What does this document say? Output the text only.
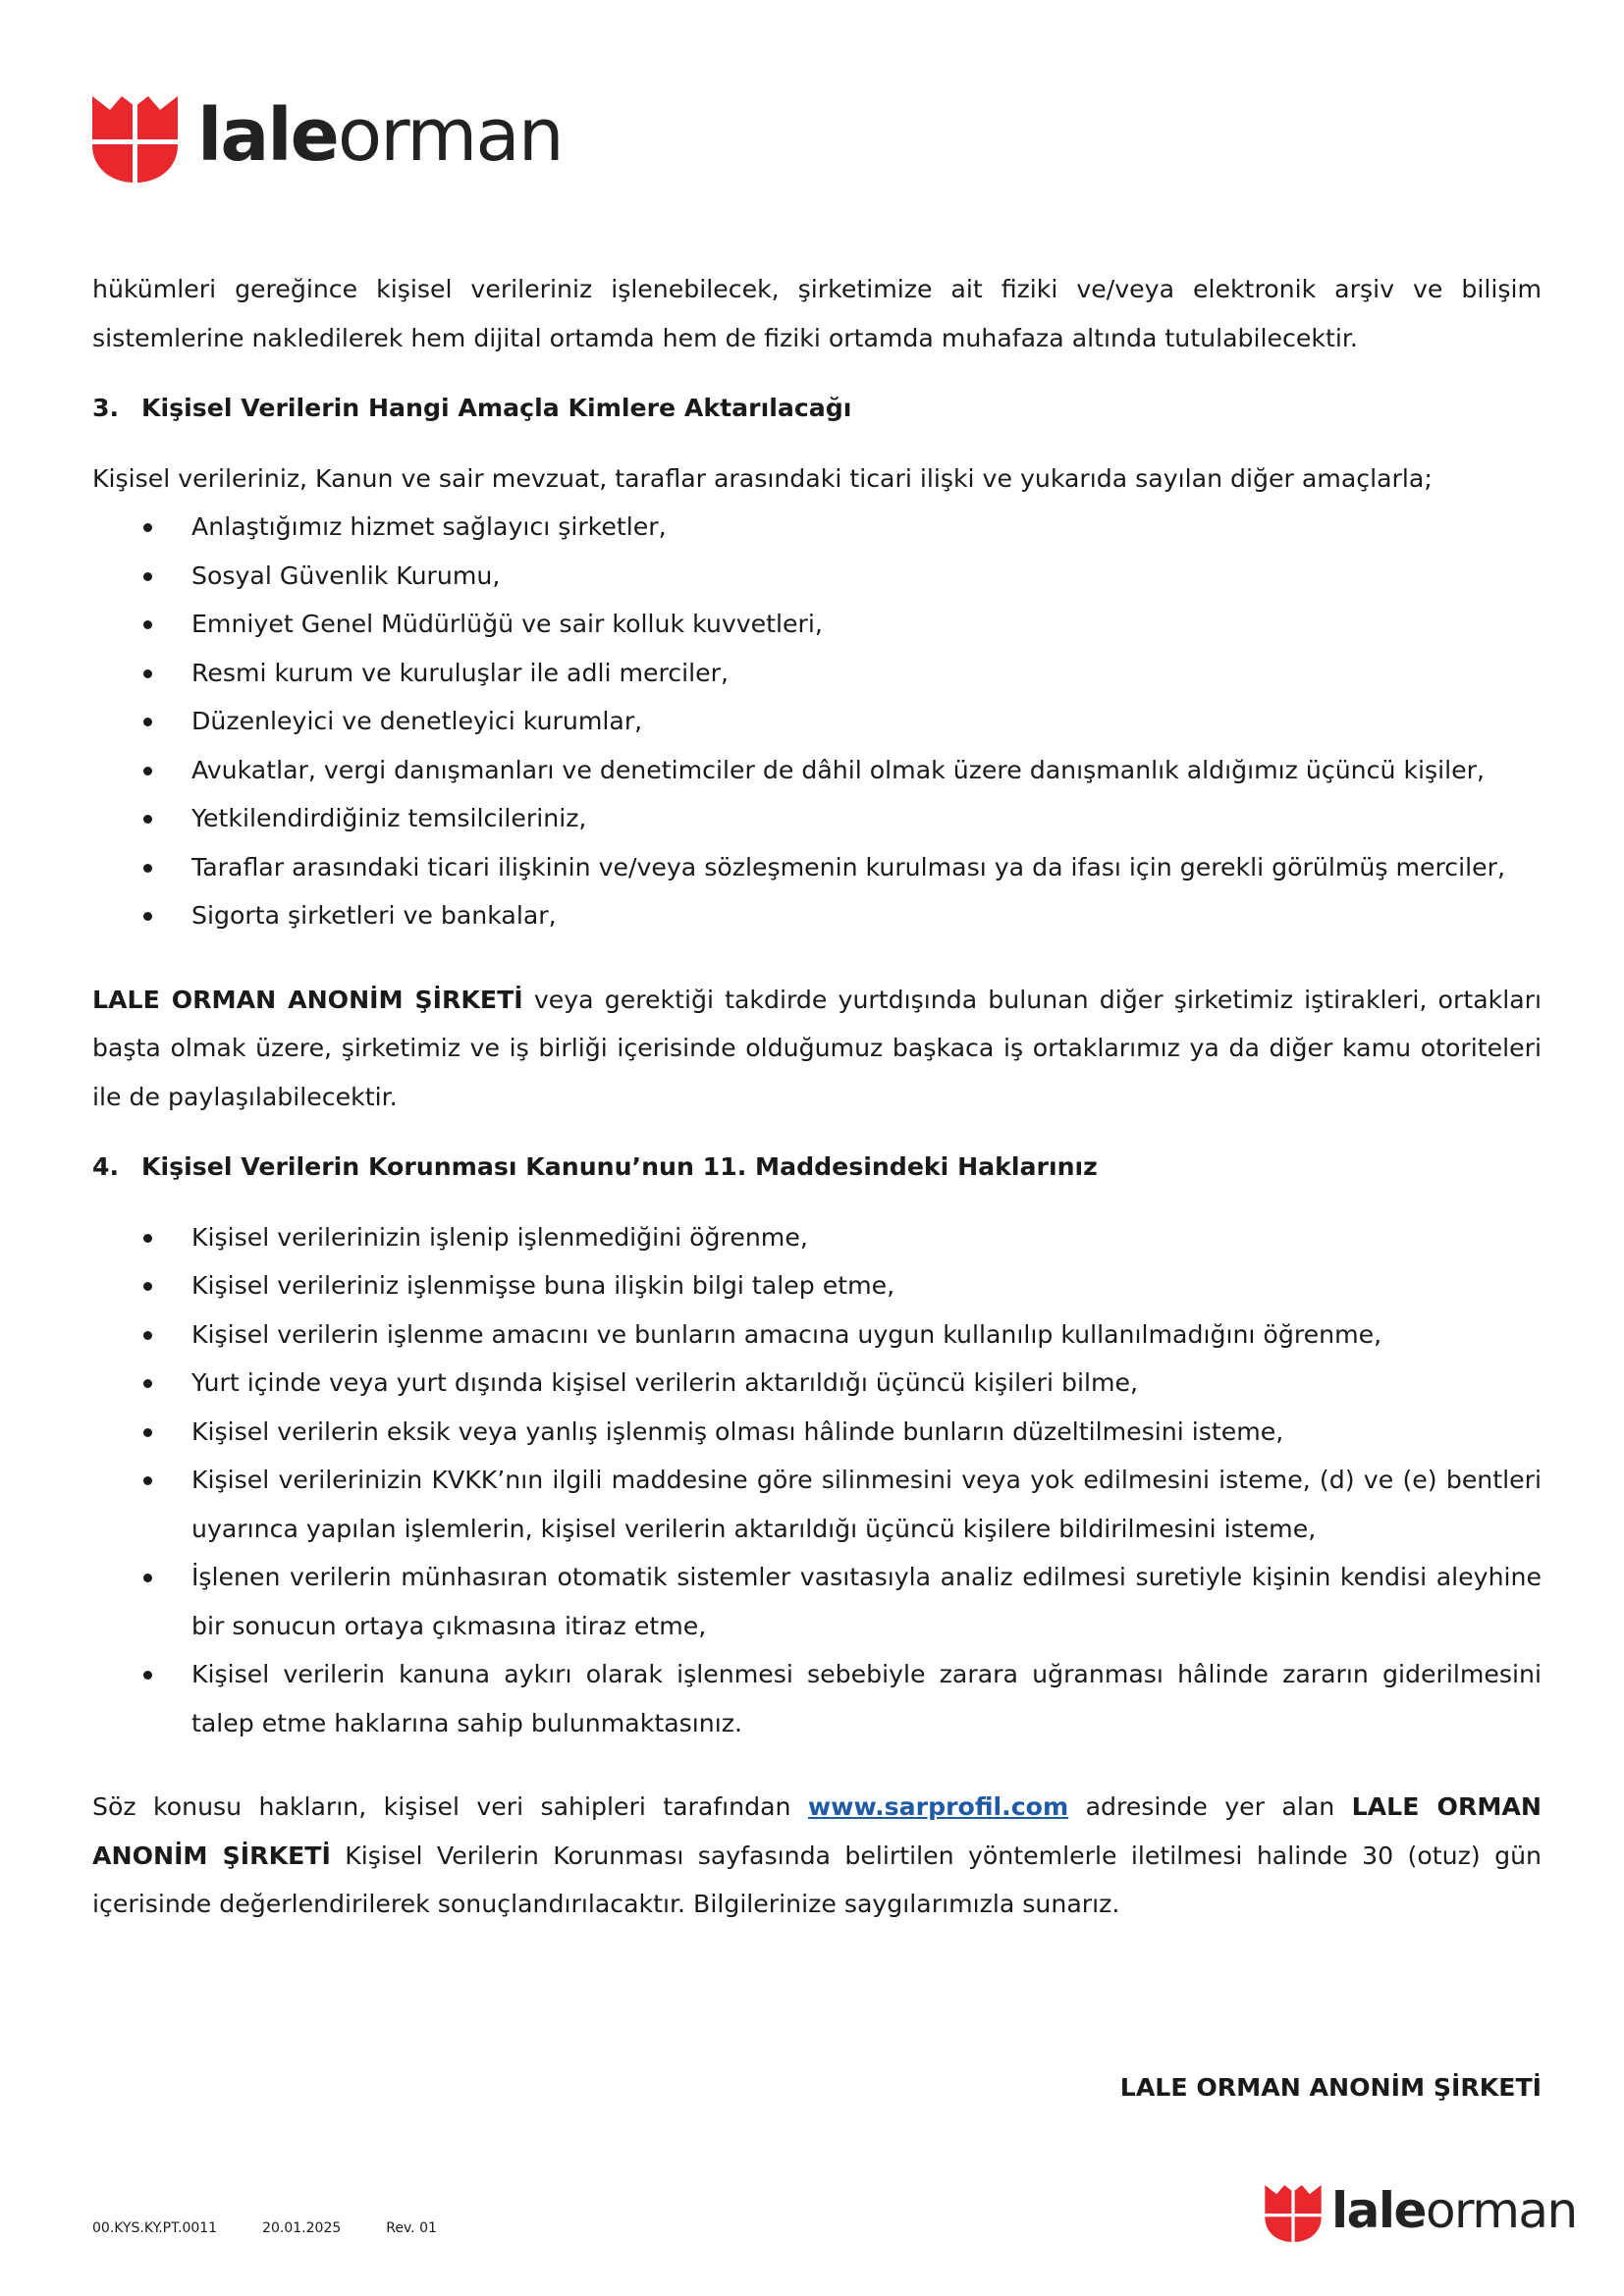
laleorman

hükümleri gereğince kişisel verileriniz işlenebilecek, şirketimize ait fiziki ve/veya elektronik arşiv ve bilişim sistemlerine nakledilerek hem dijital ortamda hem de fiziki ortamda muhafaza altında tutulabilecektir.

3. Kişisel Verilerin Hangi Amaçla Kimlere Aktarılacağı

Kişisel verileriniz, Kanun ve sair mevzuat, taraflar arasındaki ticari ilişki ve yukarıda sayılan diğer amaçlarla;

Anlaştığımız hizmet sağlayıcı şirketler,
Sosyal Güvenlik Kurumu,
Emniyet Genel Müdürlüğü ve sair kolluk kuvvetleri,
Resmi kurum ve kuruluşlar ile adli merciler,
Düzenleyici ve denetleyici kurumlar,
Avukatlar, vergi danışmanları ve denetimciler de dâhil olmak üzere danışmanlık aldığımız üçüncü kişiler,
Yetkilendirdiğiniz temsilcileriniz,
Taraflar arasındaki ticari ilişkinin ve/veya sözleşmenin kurulması ya da ifası için gerekli görülmüş merciler,
Sigorta şirketleri ve bankalar,

LALE ORMAN ANONİM ŞİRKETİ veya gerektiği takdirde yurtdışında bulunan diğer şirketimiz iştirakleri, ortakları başta olmak üzere, şirketimiz ve iş birliği içerisinde olduğumuz başkaca iş ortaklarımız ya da diğer kamu otoriteleri ile de paylaşılabilecektir.

4. Kişisel Verilerin Korunması Kanunu’nun 11. Maddesindeki Haklarınız
Kişisel verilerinizin işlenip işlenmediğini öğrenme,
Kişisel verileriniz işlenmişse buna ilişkin bilgi talep etme,
Kişisel verilerin işlenme amacını ve bunların amacına uygun kullanılıp kullanılmadığını öğrenme,
Yurt içinde veya yurt dışında kişisel verilerin aktarıldığı üçüncü kişileri bilme,
Kişisel verilerin eksik veya yanlış işlenmiş olması hâlinde bunların düzeltilmesini isteme,
Kişisel verilerinizin KVKK’nın ilgili maddesine göre silinmesini veya yok edilmesini isteme, (d) ve (e) bentleri uyarınca yapılan işlemlerin, kişisel verilerin aktarıldığı üçüncü kişilere bildirilmesini isteme,
İşlenen verilerin münhasıran otomatik sistemler vasıtasıyla analiz edilmesi suretiyle kişinin kendisi aleyhine bir sonucun ortaya çıkmasına itiraz etme,
Kişisel verilerin kanuna aykırı olarak işlenmesi sebebiyle zarara uğranması hâlinde zararın giderilmesini talep etme haklarına sahip bulunmaktasınız.

Söz konusu hakların, kişisel veri sahipleri tarafından www.sarprofil.com adresinde yer alan LALE ORMAN ANONİM ŞİRKETİ Kişisel Verilerin Korunması sayfasında belirtilen yöntemlerle iletilmesi halinde 30 (otuz) gün içerisinde değerlendirilerek sonuçlandırılacaktır. Bilgilerinize saygılarımızla sunarız.

LALE ORMAN ANONİM ŞİRKETİ
00.KYS.KY.PT.0011	20.01.2025	Rev. 01	laleorman
